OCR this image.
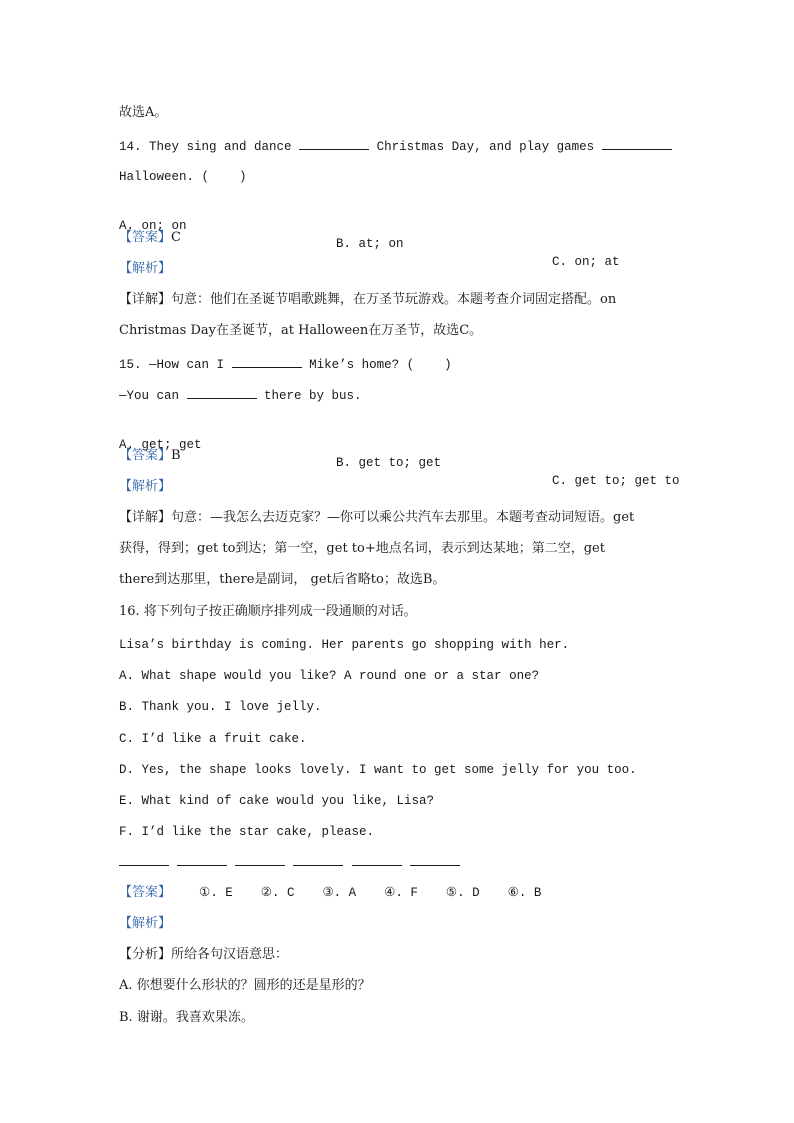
故选A。
14. They sing and dance	Christmas Day, and play games
Halloween. (    )

A. on; on

B. at; on

C. on; at

【答案】C
【解析】
【详解】句意：他们在圣诞节唱歌跳舞，在万圣节玩游戏。本题考查介词固定搭配。on
Christmas Day在圣诞节，at Halloween在万圣节，故选C。
15. —How can I	Mike’s home? (    )
—You can	there by bus.

A. get; get

B. get to; get

C. get to; get to

【答案】B
【解析】
【详解】句意：—我怎么去迈克家？—你可以乘公共汽车去那里。本题考查动词短语。get
获得，得到；get to到达；第一空，get to+地点名词，表示到达某地；第二空，get
there到达那里，there是副词， get后省略to；故选B。
16. 将下列句子按正确顺序排列成一段通顺的对话。
Lisa’s birthday is coming. Her parents go shopping with her.
A. What shape would you like? A round one or a star one?
B. Thank you. I love jelly.
C. I’d like a fruit cake.
D. Yes, the shape looks lovely. I want to get some jelly for you too.
E. What kind of cake would you like, Lisa?
F. I’d like the star cake, please.

【答案】 ①. E ②. C ③. A ④. F ⑤. D ⑥. B
【解析】
【分析】所给各句汉语意思：
A. 你想要什么形状的？圆形的还是星形的？
B. 谢谢。我喜欢果冻。
